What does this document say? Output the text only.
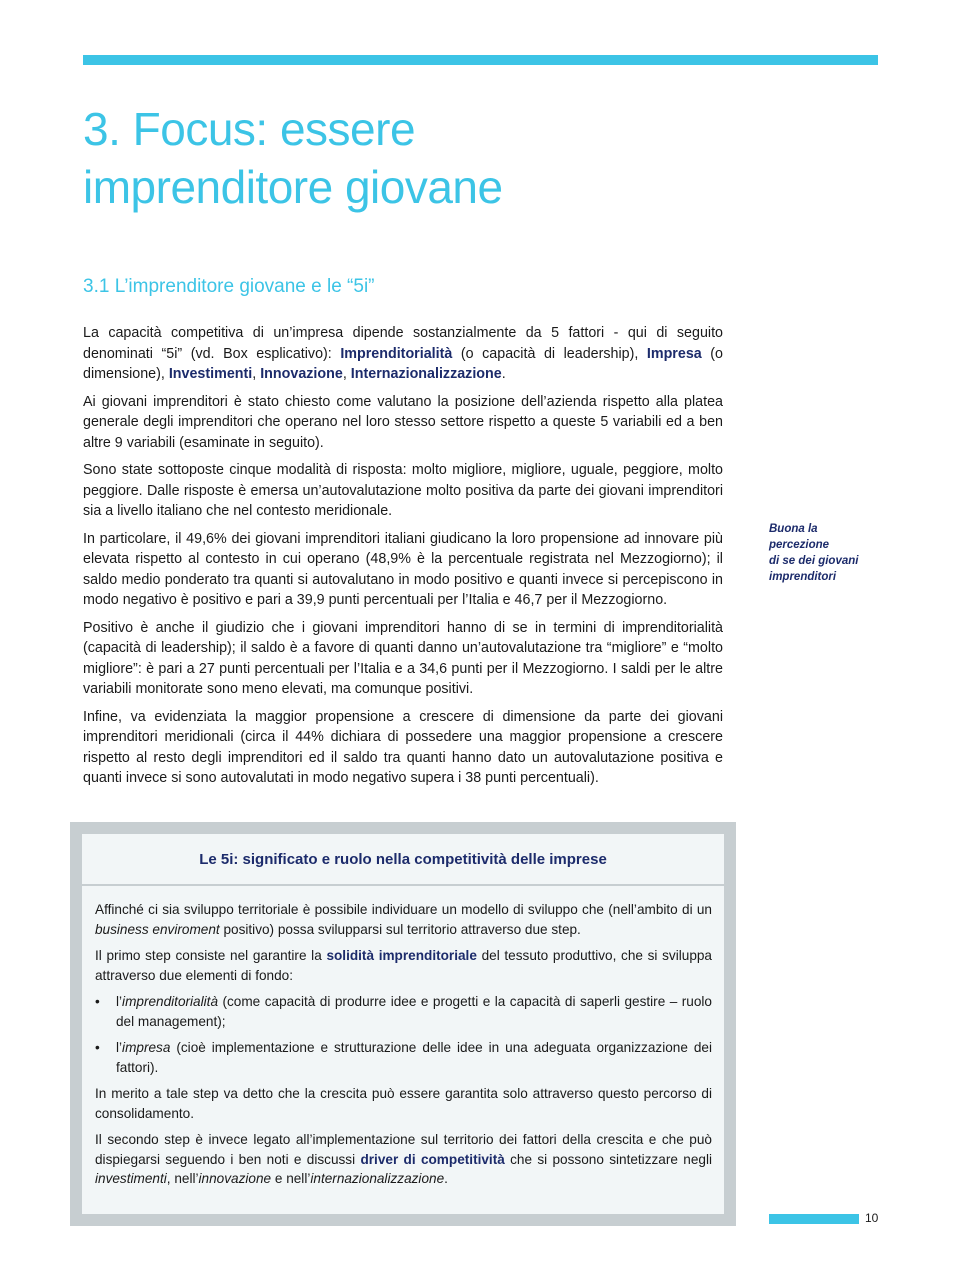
3. Focus: essere
imprenditore giovane
3.1 L’imprenditore giovane e le “5i”

La capacità competitiva di un’impresa dipende sostanzialmente da 5 fattori - qui di seguito denominati “5i” (vd. Box esplicativo): Imprenditorialità (o capacità di leadership), Impresa (o dimensione), Investimenti, Innovazione, Internazionalizzazione.

Ai giovani imprenditori è stato chiesto come valutano la posizione dell’azienda rispetto alla platea generale degli imprenditori che operano nel loro stesso settore rispetto a queste 5 variabili ed a ben altre 9 variabili (esaminate in seguito).

Sono state sottoposte cinque modalità di risposta: molto migliore, migliore, uguale, peggiore, molto peggiore. Dalle risposte è emersa un’autovalutazione molto positiva da parte dei giovani imprenditori sia a livello italiano che nel contesto meridionale.

In particolare, il 49,6% dei giovani imprenditori italiani giudicano la loro propensione ad innovare più elevata rispetto al contesto in cui operano (48,9% è la percentuale registrata nel Mezzogiorno); il saldo medio ponderato tra quanti si autovalutano in modo positivo e quanti invece si percepiscono in modo negativo è positivo e pari a 39,9 punti percentuali per l’Italia e 46,7 per il Mezzogiorno.

Positivo è anche il giudizio che i giovani imprenditori hanno di se in termini di imprenditorialità (capacità di leadership); il saldo è a favore di quanti danno un’autovalutazione tra “migliore” e “molto migliore”: è pari a 27 punti percentuali per l’Italia e a 34,6 punti per il Mezzogiorno. I saldi per le altre variabili monitorate sono meno elevati, ma comunque positivi.

Infine, va evidenziata la maggior propensione a crescere di dimensione da parte dei giovani imprenditori meridionali (circa il 44% dichiara di possedere una maggior propensione a crescere rispetto al resto degli imprenditori ed il saldo tra quanti hanno dato un autovalutazione positiva e quanti invece si sono autovalutati in modo negativo supera i 38 punti percentuali).

Buona la
percezione
di se dei giovani
imprenditori
Le 5i: significato e ruolo nella competitività delle imprese

Affinché ci sia sviluppo territoriale è possibile individuare un modello di sviluppo che (nell’ambito di un business enviroment positivo) possa svilupparsi sul territorio attraverso due step.

Il primo step consiste nel garantire la solidità imprenditoriale del tessuto produttivo, che si sviluppa attraverso due elementi di fondo:

• l’imprenditorialità (come capacità di produrre idee e progetti e la capacità di saperli gestire – ruolo del management);
• l’impresa (cioè implementazione e strutturazione delle idee in una adeguata organizzazione dei fattori).

In merito a tale step va detto che la crescita può essere garantita solo attraverso questo percorso di consolidamento.

Il secondo step è invece legato all’implementazione sul territorio dei fattori della crescita e che può dispiegarsi seguendo i ben noti e discussi driver di competitività che si possono sintetizzare negli investimenti, nell’innovazione e nell’internazionalizzazione.

10
